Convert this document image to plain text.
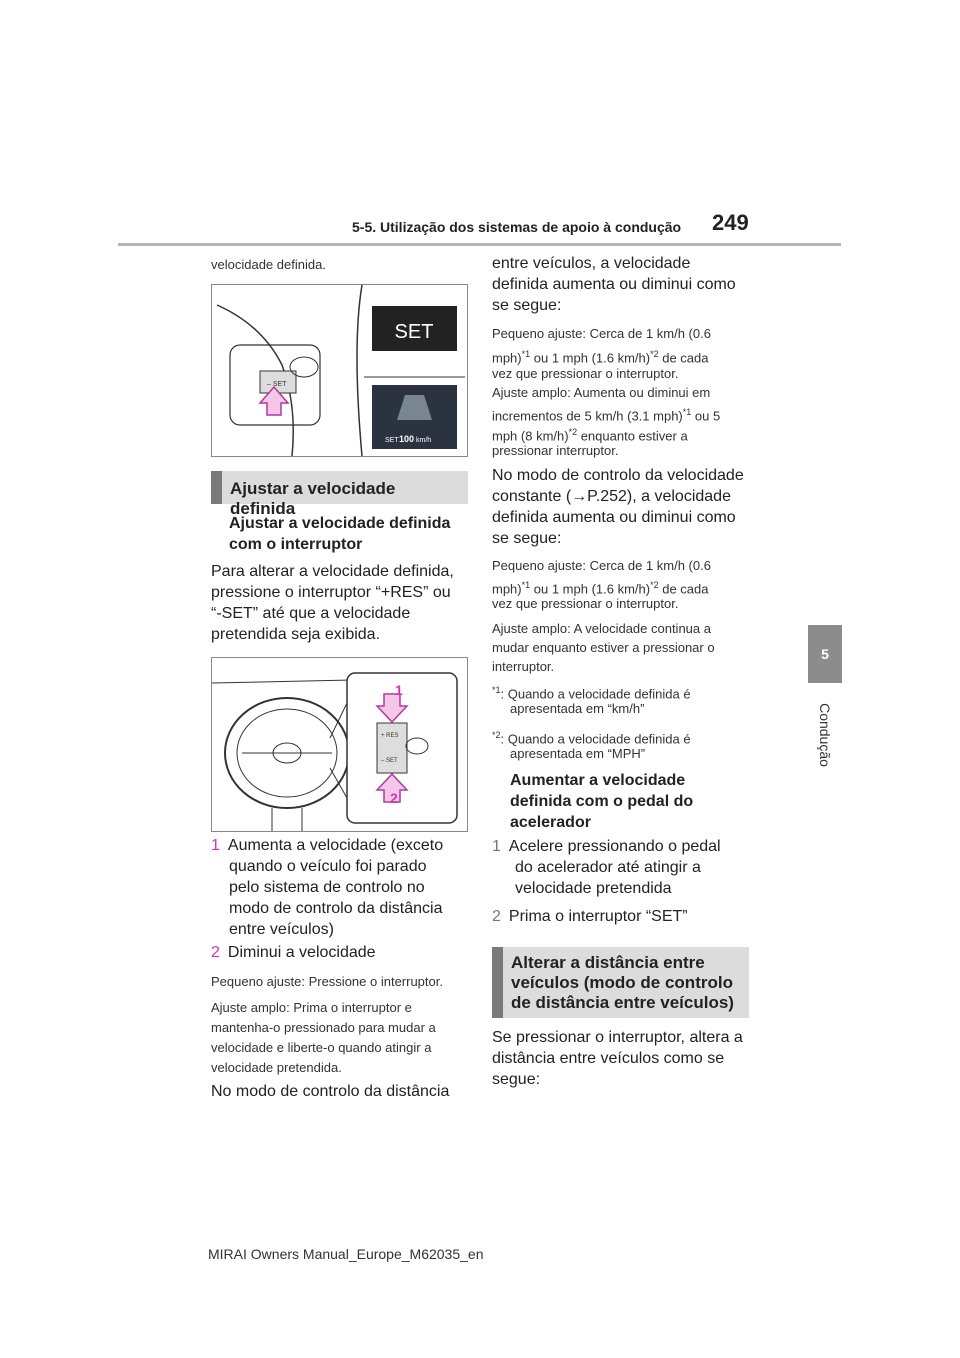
5-5. Utilização dos sistemas de apoio à condução 249
5
Condução
velocidade definida.
– SET
SET
SET 100 km/h
Ajustar a velocidade definida
Ajustar a velocidade definida
com o interruptor
Para alterar a velocidade definida,
pressione o interruptor “+RES” ou
“-SET” até que a velocidade
pretendida seja exibida.
+ RES
– SET
1
2
1 Aumenta a velocidade (exceto
quando o veículo foi parado
pelo sistema de controlo no
modo de controlo da distância
entre veículos)
2 Diminui a velocidade
Pequeno ajuste: Pressione o interruptor.
Ajuste amplo: Prima o interruptor e
mantenha-o pressionado para mudar a
velocidade e liberte-o quando atingir a
velocidade pretendida.
No modo de controlo da distância
entre veículos, a velocidade
definida aumenta ou diminui como
se segue:
Pequeno ajuste: Cerca de 1 km/h (0.6
mph)$^{*1}$ ou 1 mph (1.6 km/h)$^{*2}$ de cada
vez que pressionar o interruptor.
Ajuste amplo: Aumenta ou diminui em
incrementos de 5 km/h (3.1 mph)$^{*1}$ ou 5
mph (8 km/h)$^{*2}$ enquanto estiver a
pressionar interruptor.
No modo de controlo da velocidade
constante (→P.252), a velocidade
definida aumenta ou diminui como
se segue:
Pequeno ajuste: Cerca de 1 km/h (0.6
mph)$^{*1}$ ou 1 mph (1.6 km/h)$^{*2}$ de cada
vez que pressionar o interruptor.
Ajuste amplo: A velocidade continua a
mudar enquanto estiver a pressionar o
interruptor.
$^{*1}$: Quando a velocidade definida é
apresentada em “km/h”
$^{*2}$: Quando a velocidade definida é
apresentada em “MPH”
Aumentar a velocidade
definida com o pedal do
acelerador
1 Acelere pressionando o pedal
do acelerador até atingir a
velocidade pretendida
2 Prima o interruptor “SET”
Alterar a distância entre
veículos (modo de controlo
de distância entre veículos)
Se pressionar o interruptor, altera a
distância entre veículos como se
segue:
MIRAI Owners Manual_Europe_M62035_en
